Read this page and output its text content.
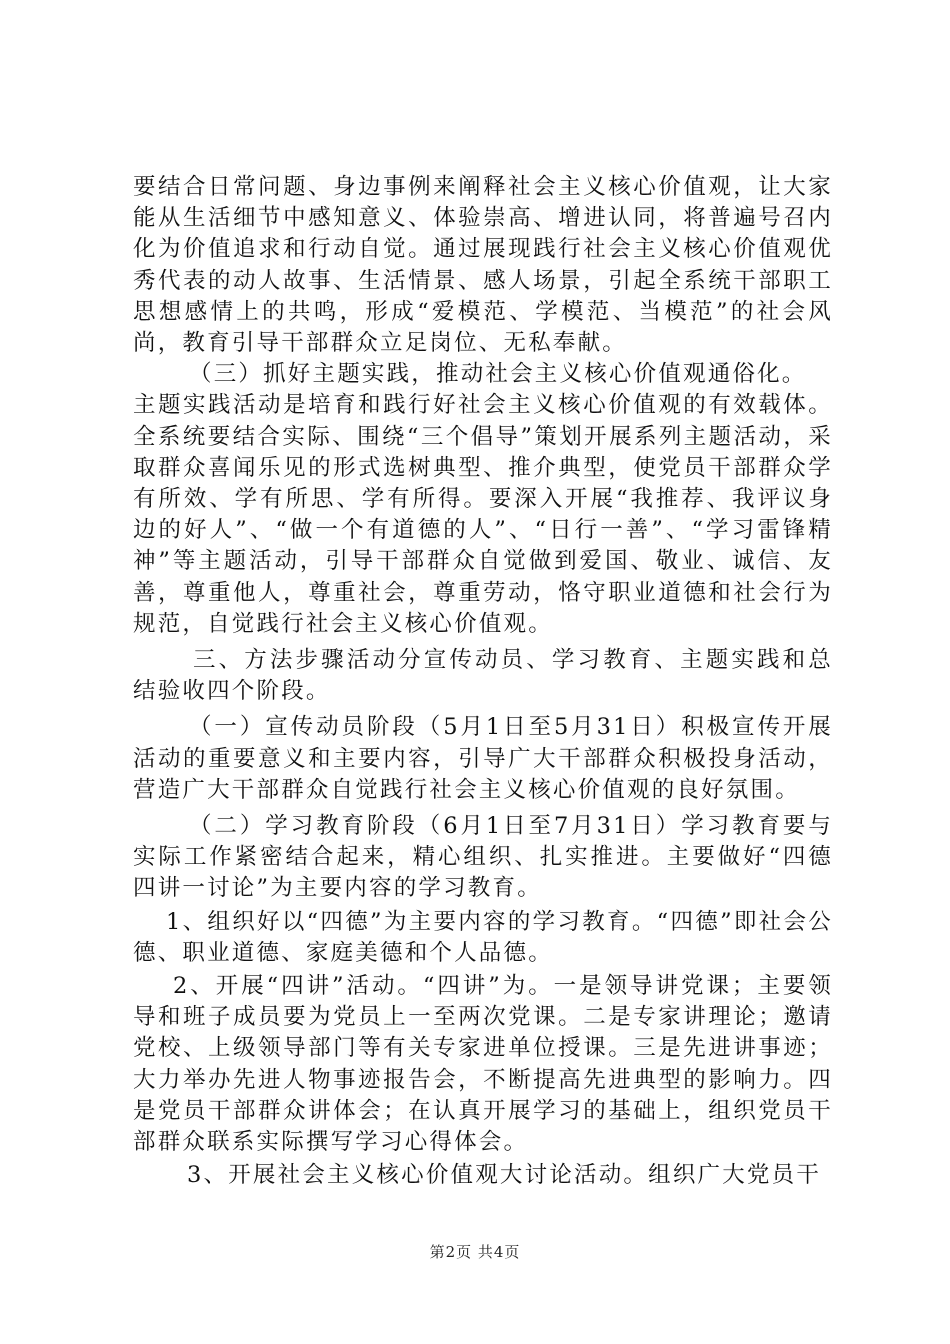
要结合日常问题、身边事例来阐释社会主义核心价值观，让大家能从生活细节中感知意义、体验崇高、增进认同，将普遍号召内化为价值追求和行动自觉。通过展现践行社会主义核心价值观优秀代表的动人故事、生活情景、感人场景，引起全系统干部职工思想感情上的共鸣，形成“爱模范、学模范、当模范”的社会风尚，教育引导干部群众立足岗位、无私奉献。

（三）抓好主题实践，推动社会主义核心价值观通俗化。

主题实践活动是培育和践行好社会主义核心价值观的有效载体。全系统要结合实际、围绕“三个倡导”策划开展系列主题活动，采取群众喜闻乐见的形式选树典型、推介典型，使党员干部群众学有所效、学有所思、学有所得。要深入开展“我推荐、我评议身边的好人”、“做一个有道德的人”、“日行一善”、“学习雷锋精神”等主题活动，引导干部群众自觉做到爱国、敬业、诚信、友善，尊重他人，尊重社会，尊重劳动，恪守职业道德和社会行为规范，自觉践行社会主义核心价值观。

三、方法步骤活动分宣传动员、学习教育、主题实践和总结验收四个阶段。

（一）宣传动员阶段（5月1日至5月31日）积极宣传开展活动的重要意义和主要内容，引导广大干部群众积极投身活动，营造广大干部群众自觉践行社会主义核心价值观的良好氛围。

（二）学习教育阶段（6月1日至7月31日）学习教育要与实际工作紧密结合起来，精心组织、扎实推进。主要做好“四德四讲一讨论”为主要内容的学习教育。

1、组织好以“四德”为主要内容的学习教育。“四德”即社会公德、职业道德、家庭美德和个人品德。

2、开展“四讲”活动。“四讲”为。一是领导讲党课；主要领导和班子成员要为党员上一至两次党课。二是专家讲理论；邀请党校、上级领导部门等有关专家进单位授课。三是先进讲事迹；大力举办先进人物事迹报告会，不断提高先进典型的影响力。四是党员干部群众讲体会；在认真开展学习的基础上，组织党员干部群众联系实际撰写学习心得体会。

3、开展社会主义核心价值观大讨论活动。组织广大党员干

第2页 共4页
